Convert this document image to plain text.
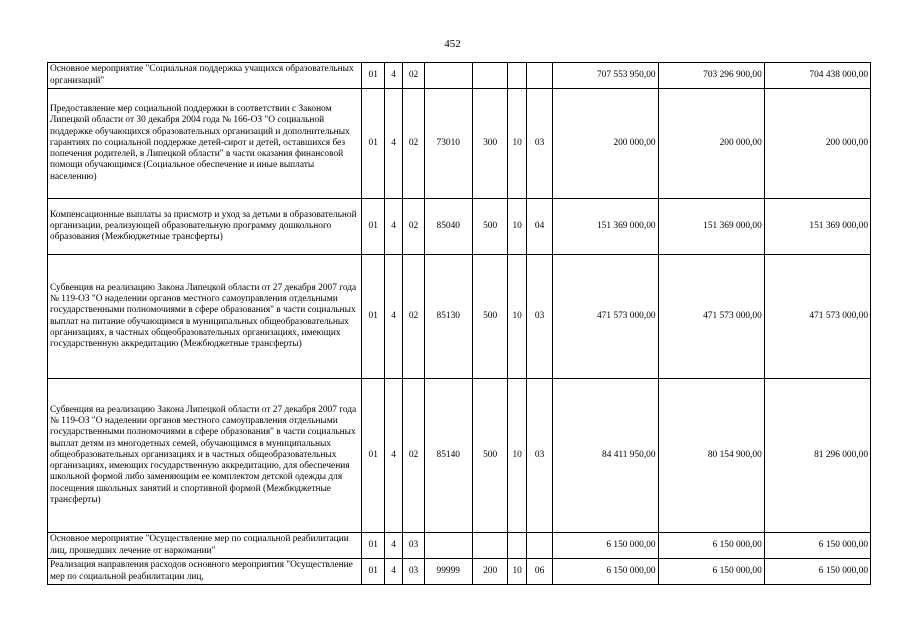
452
Основное мероприятие "Социальная поддержка учащихся образовательных организаций"	01	4	02					707 553 950,00	703 296 900,00	704 438 000,00
Предоставление мер социальной поддержки в соответствии с Законом Липецкой области от 30 декабря 2004 года № 166-ОЗ "О социальной поддержке обучающихся образовательных организаций и дополнительных гарантиях по социальной поддержке детей-сирот и детей, оставшихся без попечения родителей, в Липецкой области" в части оказания финансовой помощи обучающимся (Социальное обеспечение и иные выплаты населению)	01	4	02	73010	300	10	03	200 000,00	200 000,00	200 000,00
Компенсационные выплаты за присмотр и уход за детьми в образовательной организации, реализующей образовательную программу дошкольного образования (Межбюджетные трансферты)	01	4	02	85040	500	10	04	151 369 000,00	151 369 000,00	151 369 000,00
Субвенция на реализацию Закона Липецкой области от 27 декабря 2007 года № 119-ОЗ "О наделении органов местного самоуправления отдельными государственными полномочиями в сфере образования" в части социальных выплат на питание обучающимся в муниципальных общеобразовательных организациях, в частных общеобразовательных организациях, имеющих государственную аккредитацию (Межбюджетные трансферты)	01	4	02	85130	500	10	03	471 573 000,00	471 573 000,00	471 573 000,00
Субвенция на реализацию Закона Липецкой области от 27 декабря 2007 года № 119-ОЗ "О наделении органов местного самоуправления отдельными государственными полномочиями в сфере образования" в части социальных выплат детям из многодетных семей, обучающимся в муниципальных общеобразовательных организациях и в частных общеобразовательных организациях, имеющих государственную аккредитацию, для обеспечения школьной формой либо заменяющим ее комплектом детской одежды для посещения школьных занятий и спортивной формой (Межбюджетные трансферты)	01	4	02	85140	500	10	03	84 411 950,00	80 154 900,00	81 296 000,00
Основное мероприятие "Осуществление мер по социальной реабилитации лиц, прошедших лечение от наркомании"	01	4	03					6 150 000,00	6 150 000,00	6 150 000,00
Реализация направления расходов основного мероприятия "Осуществление мер по социальной реабилитации лиц,	01	4	03	99999	200	10	06	6 150 000,00	6 150 000,00	6 150 000,00
